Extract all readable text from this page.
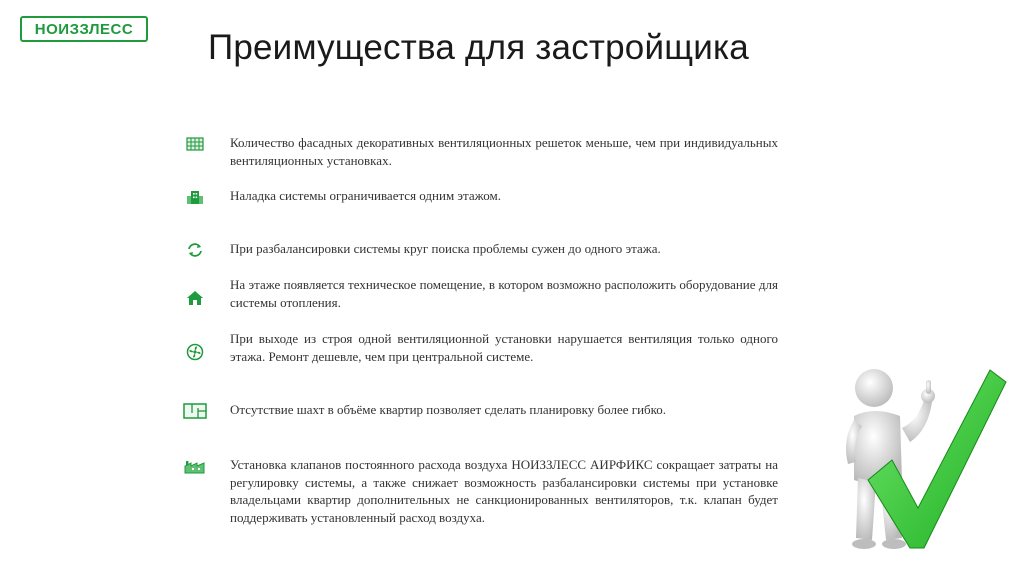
НОИЗЗЛЕСС	Преимущества для застройщика
Количество фасадных декоративных вентиляционных решеток меньше, чем при индивидуальных вентиляционных установках.
Наладка системы ограничивается одним этажом.
При разбалансировки системы круг поиска проблемы сужен до одного этажа.
На этаже появляется техническое помещение, в котором возможно расположить оборудование для системы отопления.
При выходе из строя одной вентиляционной установки нарушается вентиляция только одного этажа. Ремонт дешевле, чем при центральной системе.
Отсутствие шахт в объёме квартир позволяет сделать планировку более гибко.
Установка клапанов постоянного расхода воздуха НОИЗЗЛЕСС АИРФИКС сокращает затраты на регулировку системы, а также снижает возможность разбалансировки системы при установке владельцами квартир дополнительных не санкционированных вентиляторов, т.к. клапан будет поддерживать установленный расход воздуха.
